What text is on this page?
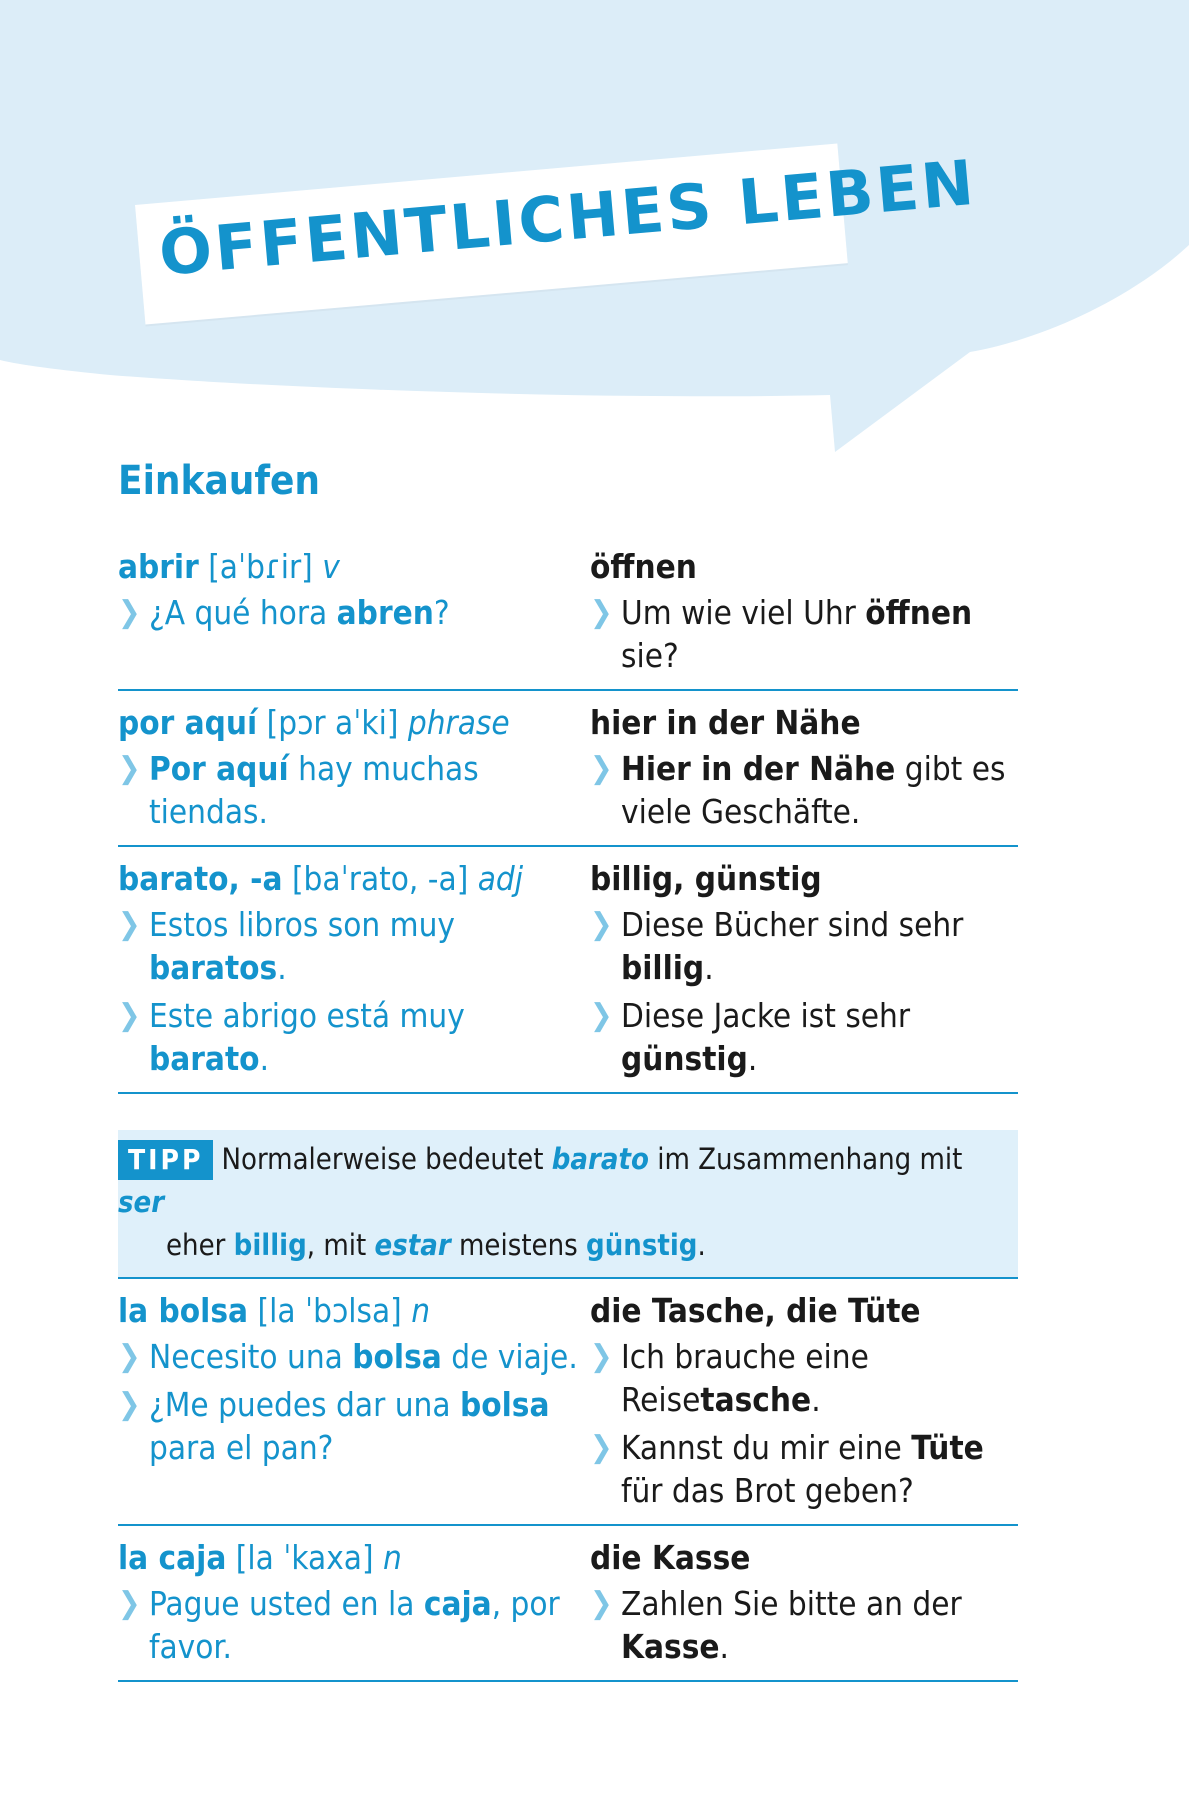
ÖFFENTLICHES LEBEN
Einkaufen
abrir [aˈbɾir] v
❯ ¿A qué hora abren?
öffnen
❯ Um wie viel Uhr öffnen sie?
por aquí [pɔr aˈki] phrase
❯ Por aquí hay muchas tiendas.
hier in der Nähe
❯ Hier in der Nähe gibt es viele Geschäfte.
barato, -a [baˈrato, -a] adj
❯ Estos libros son muy baratos.
❯ Este abrigo está muy barato.
billig, günstig
❯ Diese Bücher sind sehr billig.
❯ Diese Jacke ist sehr günstig.
TIPP Normalerweise bedeutet barato im Zusammenhang mit ser
eher billig, mit estar meistens günstig.
la bolsa [la ˈbɔlsa] n
❯ Necesito una bolsa de viaje.
❯ ¿Me puedes dar una bolsa para el pan?
die Tasche, die Tüte
❯ Ich brauche eine Reisetasche.
❯ Kannst du mir eine Tüte für das Brot geben?
la caja [la ˈkaxa] n
❯ Pague usted en la caja, por favor.
die Kasse
❯ Zahlen Sie bitte an der Kasse.
